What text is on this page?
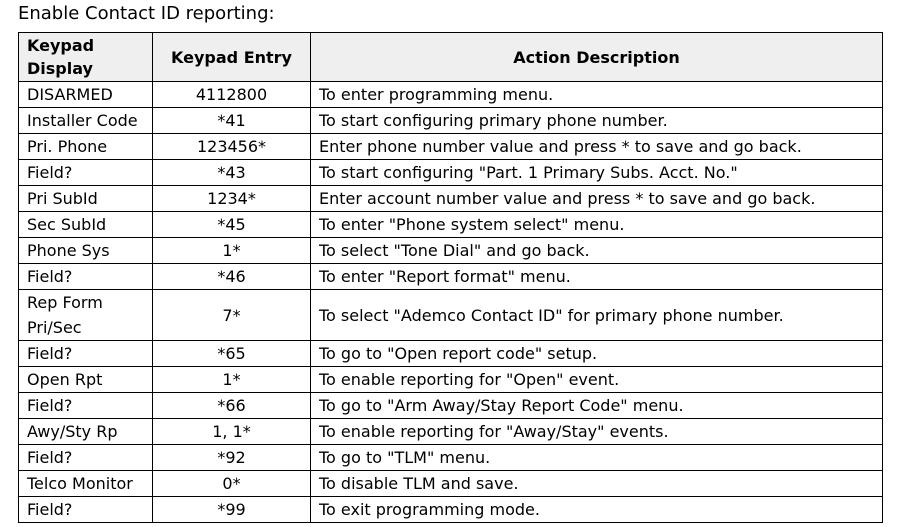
Enable Contact ID reporting:
Keypad Display	Keypad Entry	Action Description
DISARMED	4112800	To enter programming menu.
Installer Code	*41	To start configuring primary phone number.
Pri. Phone	123456*	Enter phone number value and press * to save and go back.
Field?	*43	To start configuring "Part. 1 Primary Subs. Acct. No."
Pri SubId	1234*	Enter account number value and press * to save and go back.
Sec SubId	*45	To enter "Phone system select" menu.
Phone Sys	1*	To select "Tone Dial" and go back.
Field?	*46	To enter "Report format" menu.
Rep Form Pri/Sec	7*	To select "Ademco Contact ID" for primary phone number.
Field?	*65	To go to "Open report code" setup.
Open Rpt	1*	To enable reporting for "Open" event.
Field?	*66	To go to "Arm Away/Stay Report Code" menu.
Awy/Sty Rp	1, 1*	To enable reporting for "Away/Stay" events.
Field?	*92	To go to "TLM" menu.
Telco Monitor	0*	To disable TLM and save.
Field?	*99	To exit programming mode.
